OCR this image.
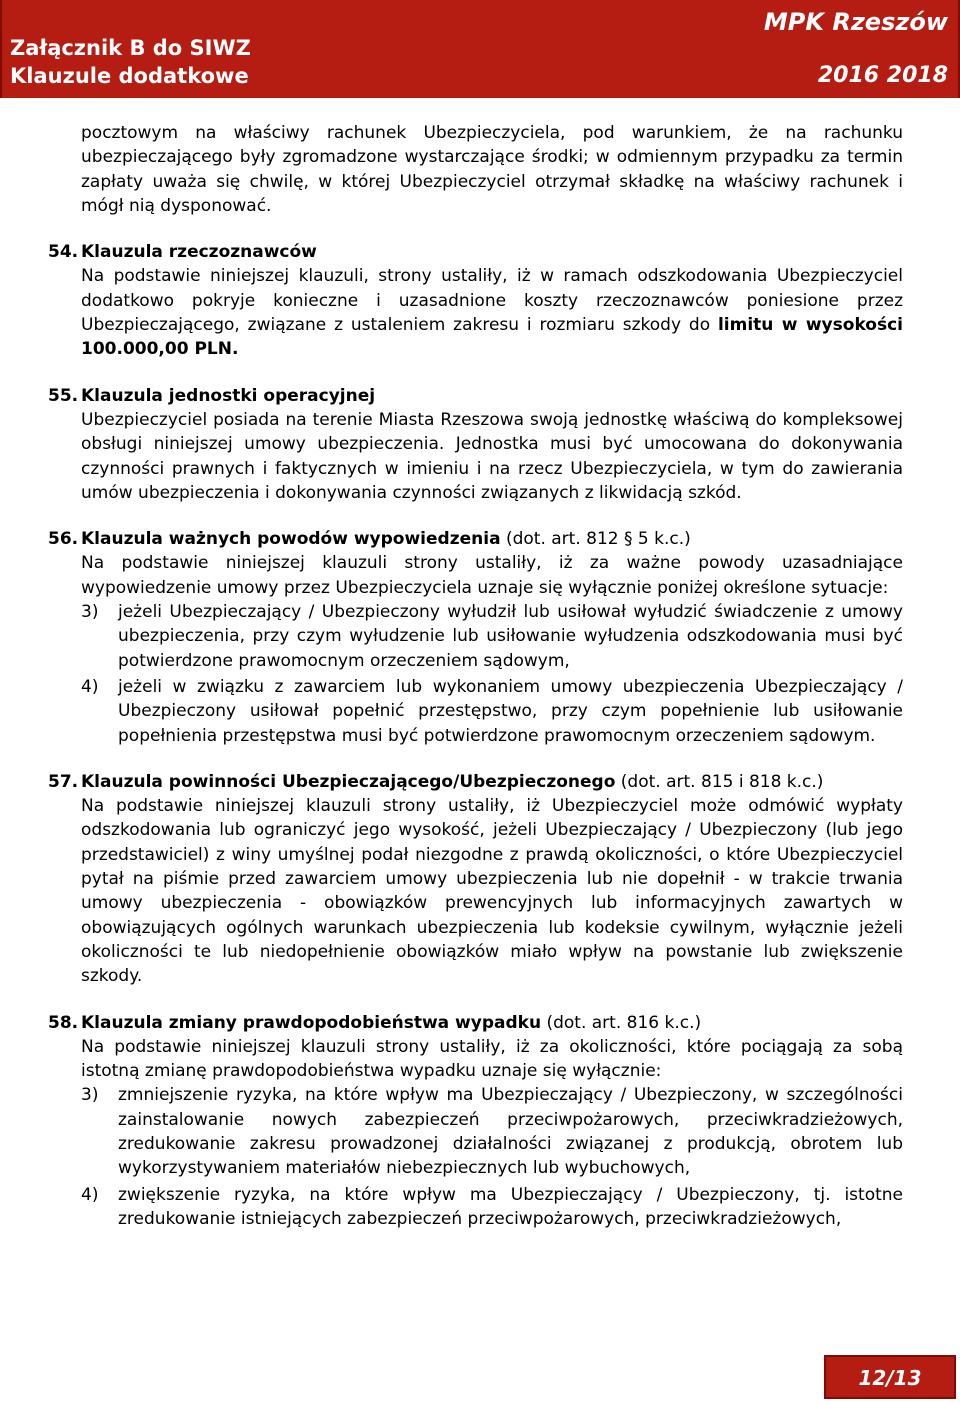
Załącznik B do SIWZ
Klauzule dodatkowe
MPK Rzeszów
2016 2018

pocztowym na właściwy rachunek Ubezpieczyciela, pod warunkiem, że na rachunku ubezpieczającego były zgromadzone wystarczające środki; w odmiennym przypadku za termin zapłaty uważa się chwilę, w której Ubezpieczyciel otrzymał składkę na właściwy rachunek i mógł nią dysponować.

54. Klauzula rzeczoznawców

Na podstawie niniejszej klauzuli, strony ustaliły, iż w ramach odszkodowania Ubezpieczyciel dodatkowo pokryje konieczne i uzasadnione koszty rzeczoznawców poniesione przez Ubezpieczającego, związane z ustaleniem zakresu i rozmiaru szkody do limitu w wysokości 100.000,00 PLN.

55. Klauzula jednostki operacyjnej

Ubezpieczyciel posiada na terenie Miasta Rzeszowa swoją jednostkę właściwą do kompleksowej obsługi niniejszej umowy ubezpieczenia. Jednostka musi być umocowana do dokonywania czynności prawnych i faktycznych w imieniu i na rzecz Ubezpieczyciela, w tym do zawierania umów ubezpieczenia i dokonywania czynności związanych z likwidacją szkód.

56. Klauzula ważnych powodów wypowiedzenia (dot. art. 812 § 5 k.c.)

Na podstawie niniejszej klauzuli strony ustaliły, iż za ważne powody uzasadniające wypowiedzenie umowy przez Ubezpieczyciela uznaje się wyłącznie poniżej określone sytuacje:

3) jeżeli Ubezpieczający / Ubezpieczony wyłudził lub usiłował wyłudzić świadczenie z umowy ubezpieczenia, przy czym wyłudzenie lub usiłowanie wyłudzenia odszkodowania musi być potwierdzone prawomocnym orzeczeniem sądowym,
4) jeżeli w związku z zawarciem lub wykonaniem umowy ubezpieczenia Ubezpieczający / Ubezpieczony usiłował popełnić przestępstwo, przy czym popełnienie lub usiłowanie popełnienia przestępstwa musi być potwierdzone prawomocnym orzeczeniem sądowym.
57. Klauzula powinności Ubezpieczającego/Ubezpieczonego (dot. art. 815 i 818 k.c.)

Na podstawie niniejszej klauzuli strony ustaliły, iż Ubezpieczyciel może odmówić wypłaty odszkodowania lub ograniczyć jego wysokość, jeżeli Ubezpieczający / Ubezpieczony (lub jego przedstawiciel) z winy umyślnej podał niezgodne z prawdą okoliczności, o które Ubezpieczyciel pytał na piśmie przed zawarciem umowy ubezpieczenia lub nie dopełnił - w trakcie trwania umowy ubezpieczenia - obowiązków prewencyjnych lub informacyjnych zawartych w obowiązujących ogólnych warunkach ubezpieczenia lub kodeksie cywilnym, wyłącznie jeżeli okoliczności te lub niedopełnienie obowiązków miało wpływ na powstanie lub zwiększenie szkody.

58. Klauzula zmiany prawdopodobieństwa wypadku (dot. art. 816 k.c.)

Na podstawie niniejszej klauzuli strony ustaliły, iż za okoliczności, które pociągają za sobą istotną zmianę prawdopodobieństwa wypadku uznaje się wyłącznie:

3) zmniejszenie ryzyka, na które wpływ ma Ubezpieczający / Ubezpieczony, w szczególności zainstalowanie nowych zabezpieczeń przeciwpożarowych, przeciwkradzieżowych, zredukowanie zakresu prowadzonej działalności związanej z produkcją, obrotem lub wykorzystywaniem materiałów niebezpiecznych lub wybuchowych,
4) zwiększenie ryzyka, na które wpływ ma Ubezpieczający / Ubezpieczony, tj. istotne zredukowanie istniejących zabezpieczeń przeciwpożarowych, przeciwkradzieżowych,
12/13
